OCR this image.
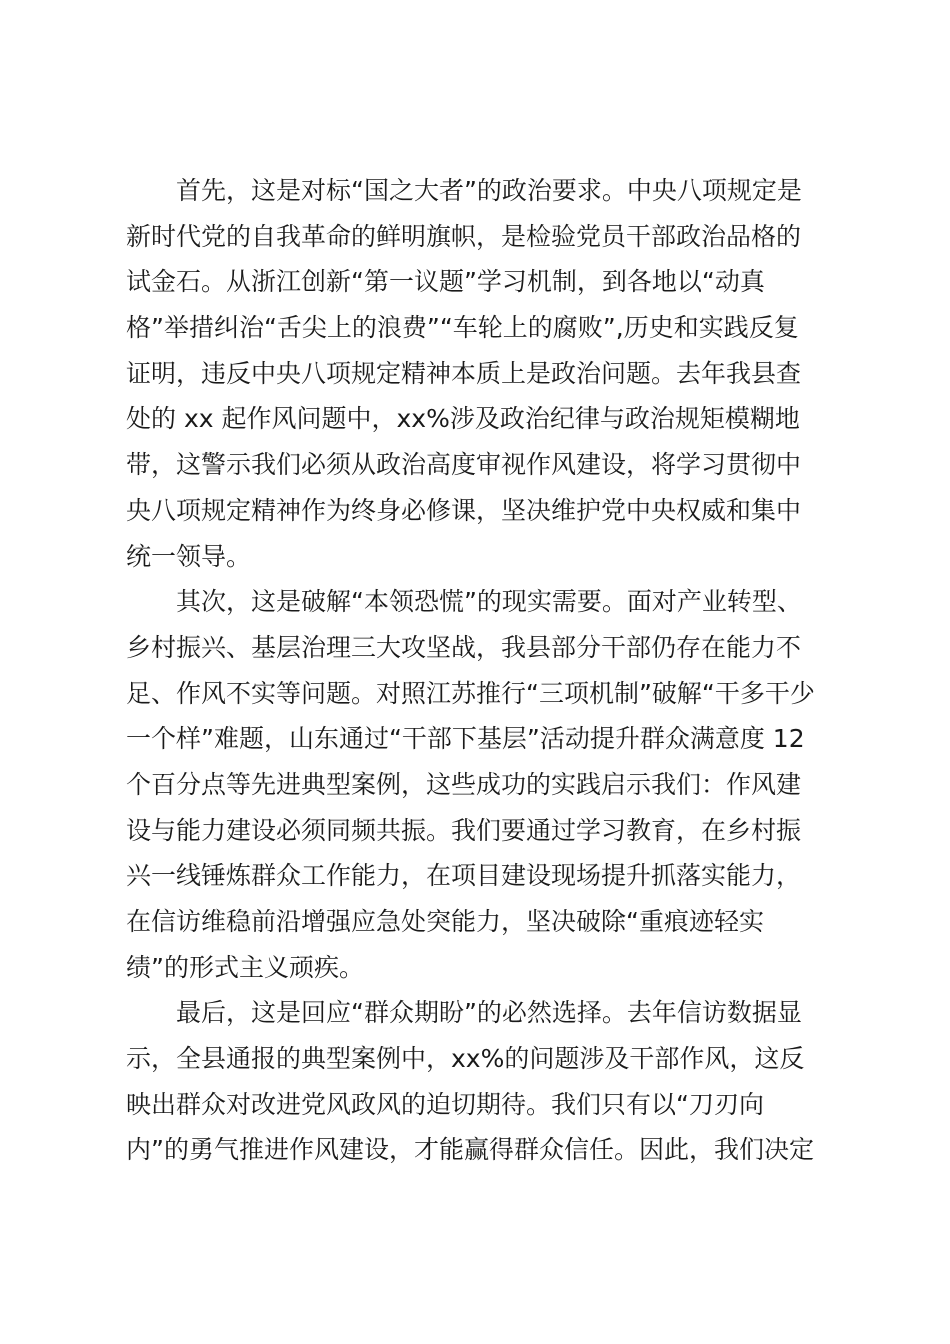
首先，这是对标“国之大者”的政治要求。中央八项规定是
新时代党的自我革命的鲜明旗帜，是检验党员干部政治品格的
试金石。从浙江创新“第一议题”学习机制，到各地以“动真
格”举措纠治“舌尖上的浪费”“车轮上的腐败”,历史和实践反复
证明，违反中央八项规定精神本质上是政治问题。去年我县查
处的 xx 起作风问题中，xx%涉及政治纪律与政治规矩模糊地
带，这警示我们必须从政治高度审视作风建设，将学习贯彻中
央八项规定精神作为终身必修课，坚决维护党中央权威和集中
统一领导。
其次，这是破解“本领恐慌”的现实需要。面对产业转型、
乡村振兴、基层治理三大攻坚战，我县部分干部仍存在能力不
足、作风不实等问题。对照江苏推行“三项机制”破解“干多干少
一个样”难题，山东通过“干部下基层”活动提升群众满意度 12
个百分点等先进典型案例，这些成功的实践启示我们：作风建
设与能力建设必须同频共振。我们要通过学习教育，在乡村振
兴一线锤炼群众工作能力，在项目建设现场提升抓落实能力，
在信访维稳前沿增强应急处突能力，坚决破除“重痕迹轻实
绩”的形式主义顽疾。
最后，这是回应“群众期盼”的必然选择。去年信访数据显
示，全县通报的典型案例中，xx%的问题涉及干部作风，这反
映出群众对改进党风政风的迫切期待。我们只有以“刀刃向
内”的勇气推进作风建设，才能赢得群众信任。因此，我们决定
